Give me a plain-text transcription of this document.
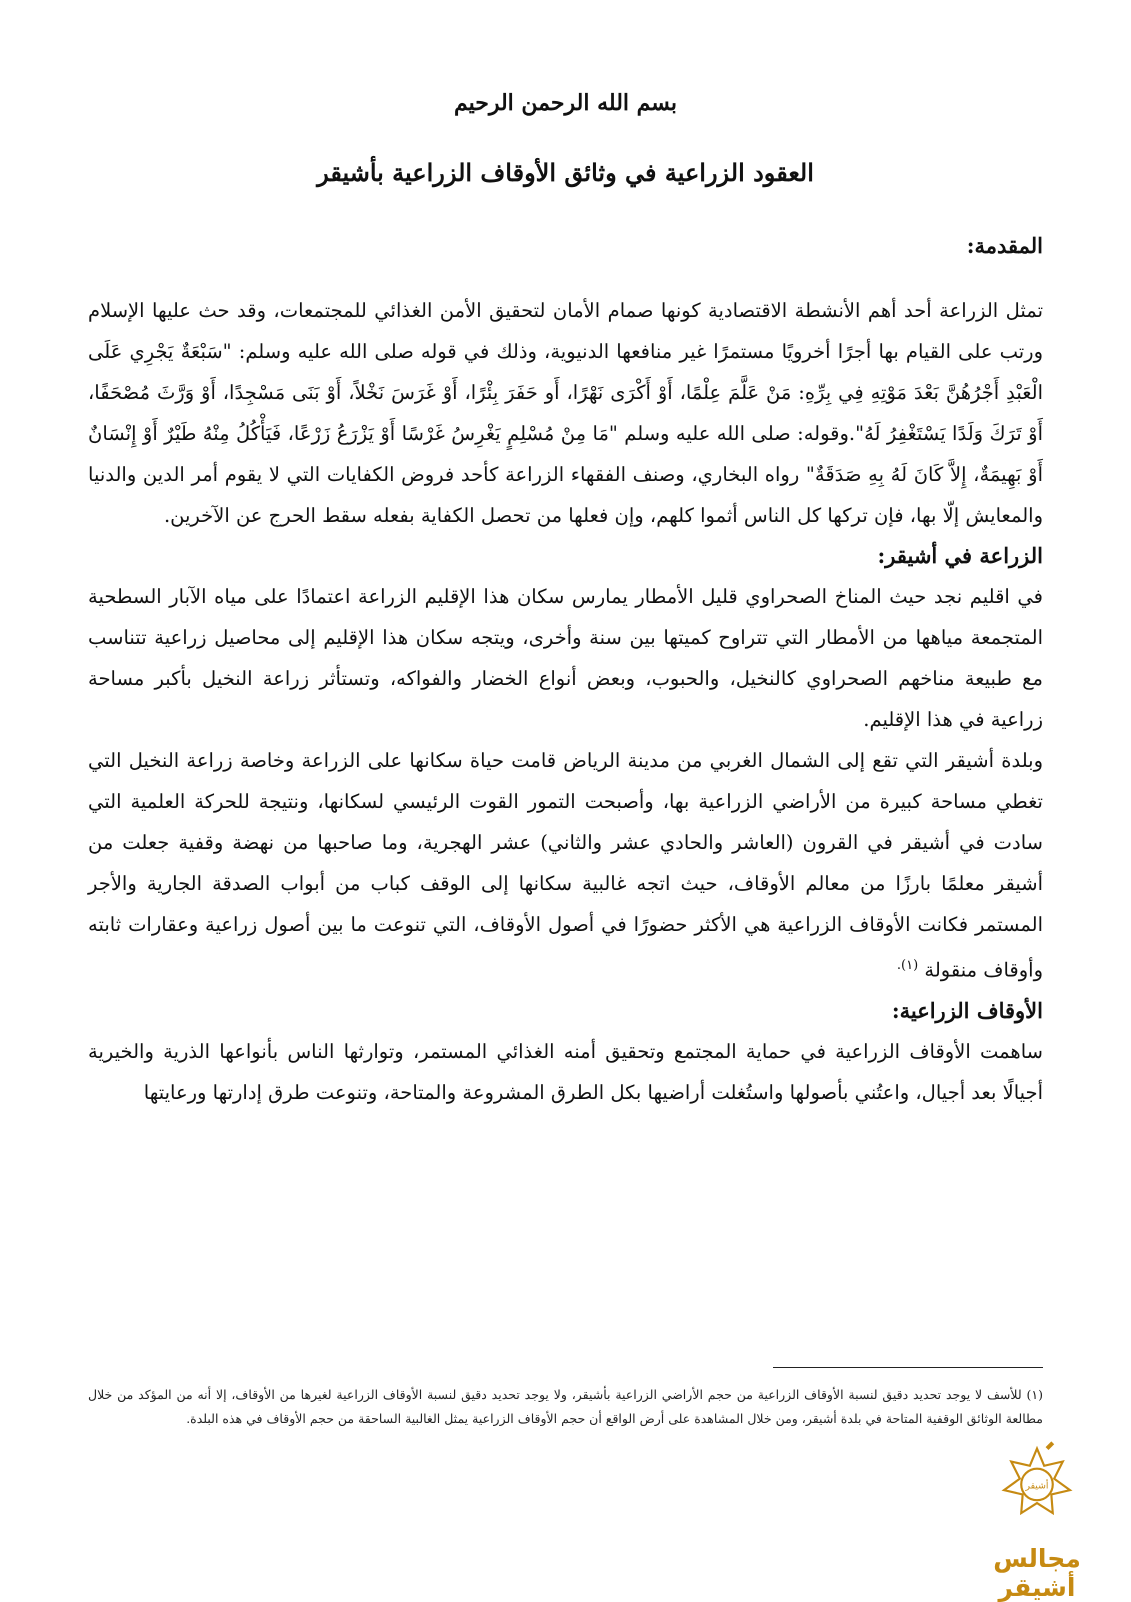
بسم الله الرحمن الرحيم
العقود الزراعية في وثائق الأوقاف الزراعية بأشيقر
المقدمة:

تمثل الزراعة أحد أهم الأنشطة الاقتصادية كونها صمام الأمان لتحقيق الأمن الغذائي للمجتمعات، وقد حث عليها الإسلام ورتب على القيام بها أجرًا أخرويًا مستمرًا غير منافعها الدنيوية، وذلك في قوله صلى الله عليه وسلم: "سَبْعَةٌ يَجْرِي عَلَى الْعَبْدِ أَجْرُهُنَّ بَعْدَ مَوْتِهِ فِي بِرِّهِ: مَنْ عَلَّمَ عِلْمًا، أَوْ أَكْرَى نَهْرًا، أَو حَفَرَ بِئْرًا، أَوْ غَرَسَ نَخْلاً، أَوْ بَنَى مَسْجِدًا، أَوْ وَرَّثَ مُصْحَفًا، أَوْ تَرَكَ وَلَدًا يَسْتَغْفِرُ لَهُ".وقوله: صلى الله عليه وسلم "مَا مِنْ مُسْلِمٍ يَغْرِسُ غَرْسًا أَوْ يَزْرَعُ زَرْعًا، فَيَأْكُلُ مِنْهُ طَيْرٌ أَوْ إِنْسَانٌ أَوْ بَهِيمَةٌ، إِلاَّ كَانَ لَهُ بِهِ صَدَقَةٌ" رواه البخاري، وصنف الفقهاء الزراعة كأحد فروض الكفايات التي لا يقوم أمر الدين والدنيا والمعايش إلّا بها، فإن تركها كل الناس أثموا كلهم، وإن فعلها من تحصل الكفاية بفعله سقط الحرج عن الآخرين.

الزراعة في أشيقر:

في اقليم نجد حيث المناخ الصحراوي قليل الأمطار يمارس سكان هذا الإقليم الزراعة اعتمادًا على مياه الآبار السطحية المتجمعة مياهها من الأمطار التي تتراوح كميتها بين سنة وأخرى، ويتجه سكان هذا الإقليم إلى محاصيل زراعية تتناسب مع طبيعة مناخهم الصحراوي كالنخيل، والحبوب، وبعض أنواع الخضار والفواكه، وتستأثر زراعة النخيل بأكبر مساحة زراعية في هذا الإقليم.

وبلدة أشيقر التي تقع إلى الشمال الغربي من مدينة الرياض قامت حياة سكانها على الزراعة وخاصة زراعة النخيل التي تغطي مساحة كبيرة من الأراضي الزراعية بها، وأصبحت التمور القوت الرئيسي لسكانها، ونتيجة للحركة العلمية التي سادت في أشيقر في القرون (العاشر والحادي عشر والثاني) عشر الهجرية، وما صاحبها من نهضة وقفية جعلت من أشيقر معلمًا بارزًا من معالم الأوقاف، حيث اتجه غالبية سكانها إلى الوقف كباب من أبواب الصدقة الجارية والأجر المستمر فكانت الأوقاف الزراعية هي الأكثر حضورًا في أصول الأوقاف، التي تنوعت ما بين أصول زراعية وعقارات ثابته وأوقاف منقولة $^{(١).}$

الأوقاف الزراعية:

ساهمت الأوقاف الزراعية في حماية المجتمع وتحقيق أمنه الغذائي المستمر، وتوارثها الناس بأنواعها الذرية والخيرية أجيالًا بعد أجيال، واعتُني بأصولها واستُغلت أراضيها بكل الطرق المشروعة والمتاحة، وتنوعت طرق إدارتها ورعايتها

(١) للأسف لا يوجد تحديد دقيق لنسبة الأوقاف الزراعية من حجم الأراضي الزراعية بأشيقر، ولا يوجد تحديد دقيق لنسبة الأوقاف الزراعية لغيرها من الأوقاف، إلا أنه من المؤكد من خلال مطالعة الوثائق الوقفية المتاحة في بلدة أشيقر، ومن خلال المشاهدة على أرض الواقع أن حجم الأوقاف الزراعية يمثل الغالبية الساحقة من حجم الأوقاف في هذه البلدة.
أشيقر
مجالس أشيقر
